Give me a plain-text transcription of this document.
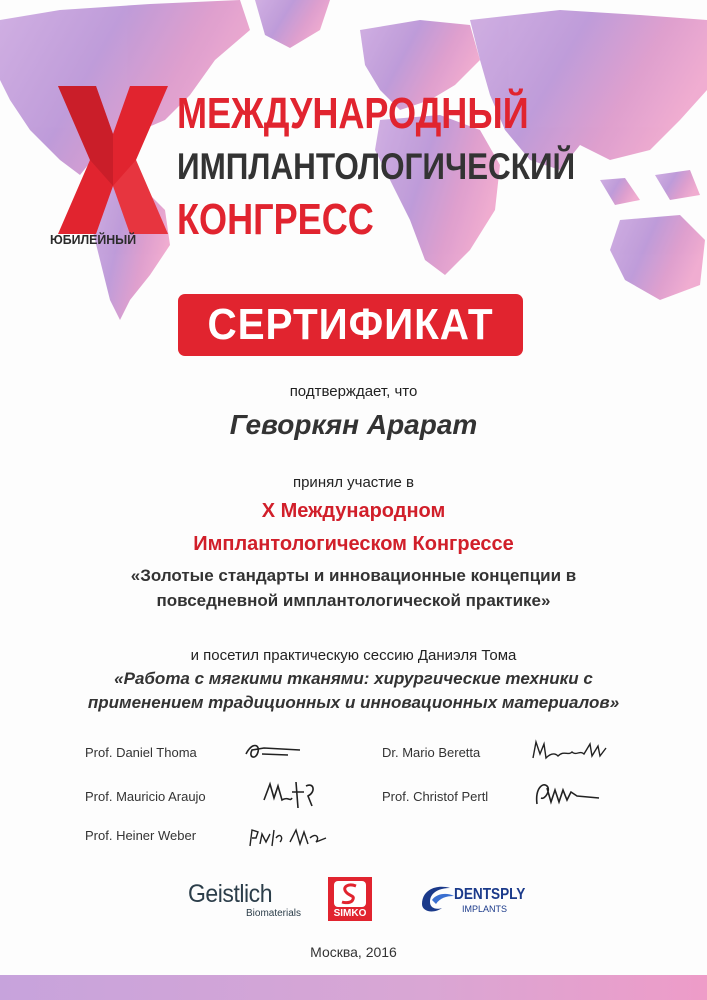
ЮБИЛЕЙНЫЙ
МЕЖДУНАРОДНЫЙ
ИМПЛАНТОЛОГИЧЕСКИЙ
КОНГРЕСС
СЕРТИФИКАТ
подтверждает, что
Геворкян Арарат
принял участие в
X Международном
Имплантологическом Конгрессе
«Золотые стандарты и инновационные концепции в
повседневной имплантологической практике»
и посетил практическую сессию Даниэля Тома
«Работа с мягкими тканями: хирургические техники с
применением традиционных и инновационных материалов»
Prof. Daniel Thoma	Dr. Mario Beretta
Prof. Mauricio Araujo	Prof. Christof Pertl
Prof. Heiner Weber
Geistlich
Biomaterials	SIMKO
DENTSPLY
IMPLANTS
Москва, 2016
